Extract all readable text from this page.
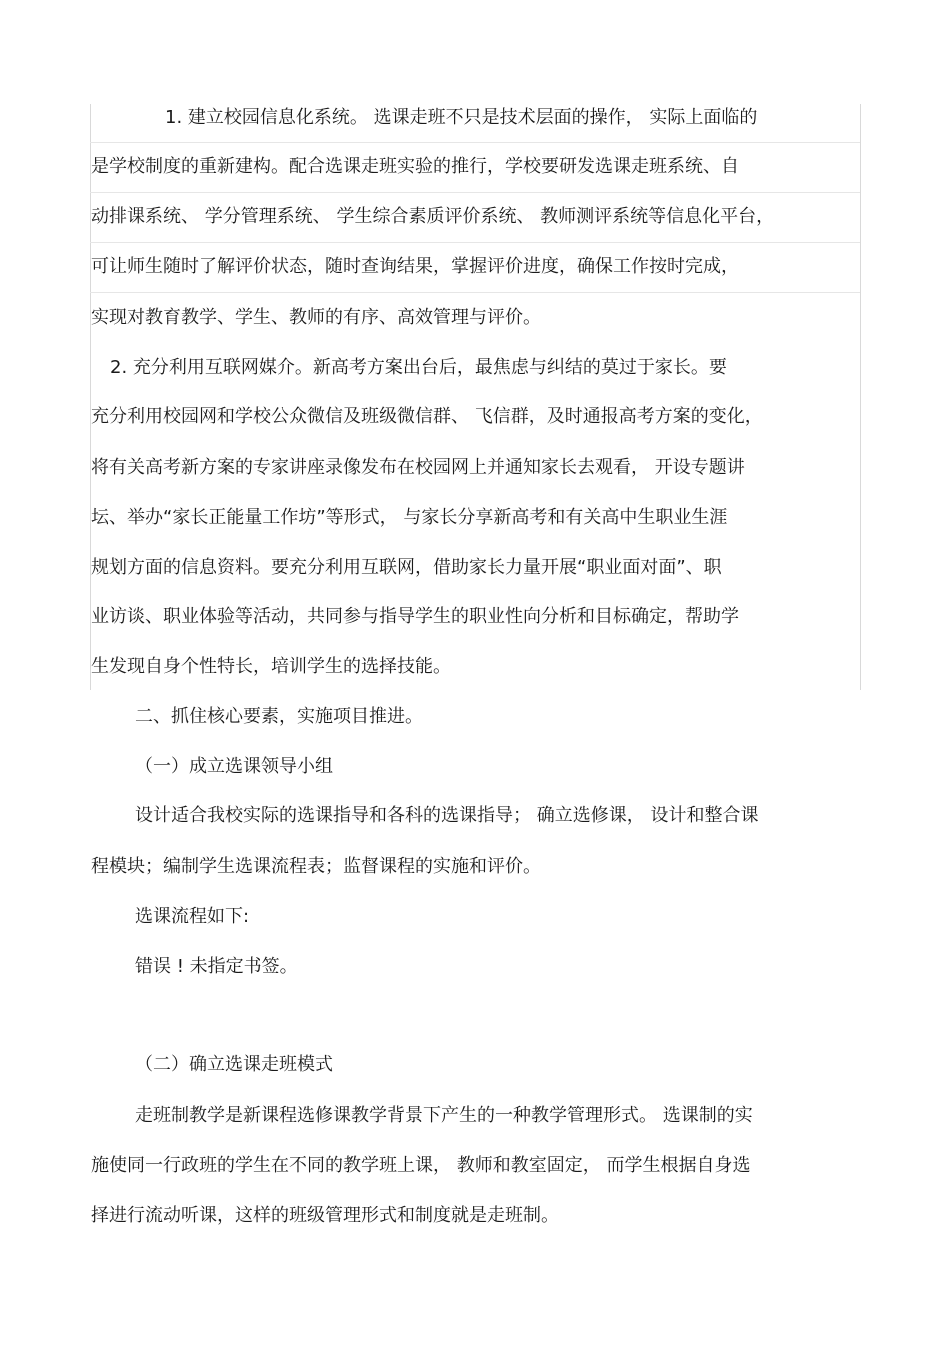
1. 建立校园信息化系统。 选课走班不只是技术层面的操作， 实际上面临的
是学校制度的重新建构。配合选课走班实验的推行，学校要研发选课走班系统、自
动排课系统、 学分管理系统、 学生综合素质评价系统、 教师测评系统等信息化平台，
可让师生随时了解评价状态，随时查询结果，掌握评价进度，确保工作按时完成，
实现对教育教学、学生、教师的有序、高效管理与评价。
2. 充分利用互联网媒介。新高考方案出台后，最焦虑与纠结的莫过于家长。要
充分利用校园网和学校公众微信及班级微信群、 飞信群，及时通报高考方案的变化，
将有关高考新方案的专家讲座录像发布在校园网上并通知家长去观看， 开设专题讲
坛、举办“家长正能量工作坊”等形式， 与家长分享新高考和有关高中生职业生涯
规划方面的信息资料。要充分利用互联网，借助家长力量开展“职业面对面”、职
业访谈、职业体验等活动，共同参与指导学生的职业性向分析和目标确定，帮助学
生发现自身个性特长，培训学生的选择技能。
二、抓住核心要素，实施项目推进。
（一）成立选课领导小组
设计适合我校实际的选课指导和各科的选课指导； 确立选修课， 设计和整合课
程模块；编制学生选课流程表；监督课程的实施和评价。
选课流程如下:
错误 ! 未指定书签。
（二）确立选课走班模式
走班制教学是新课程选修课教学背景下产生的一种教学管理形式。 选课制的实
施使同一行政班的学生在不同的教学班上课， 教师和教室固定， 而学生根据自身选
择进行流动听课，这样的班级管理形式和制度就是走班制。
